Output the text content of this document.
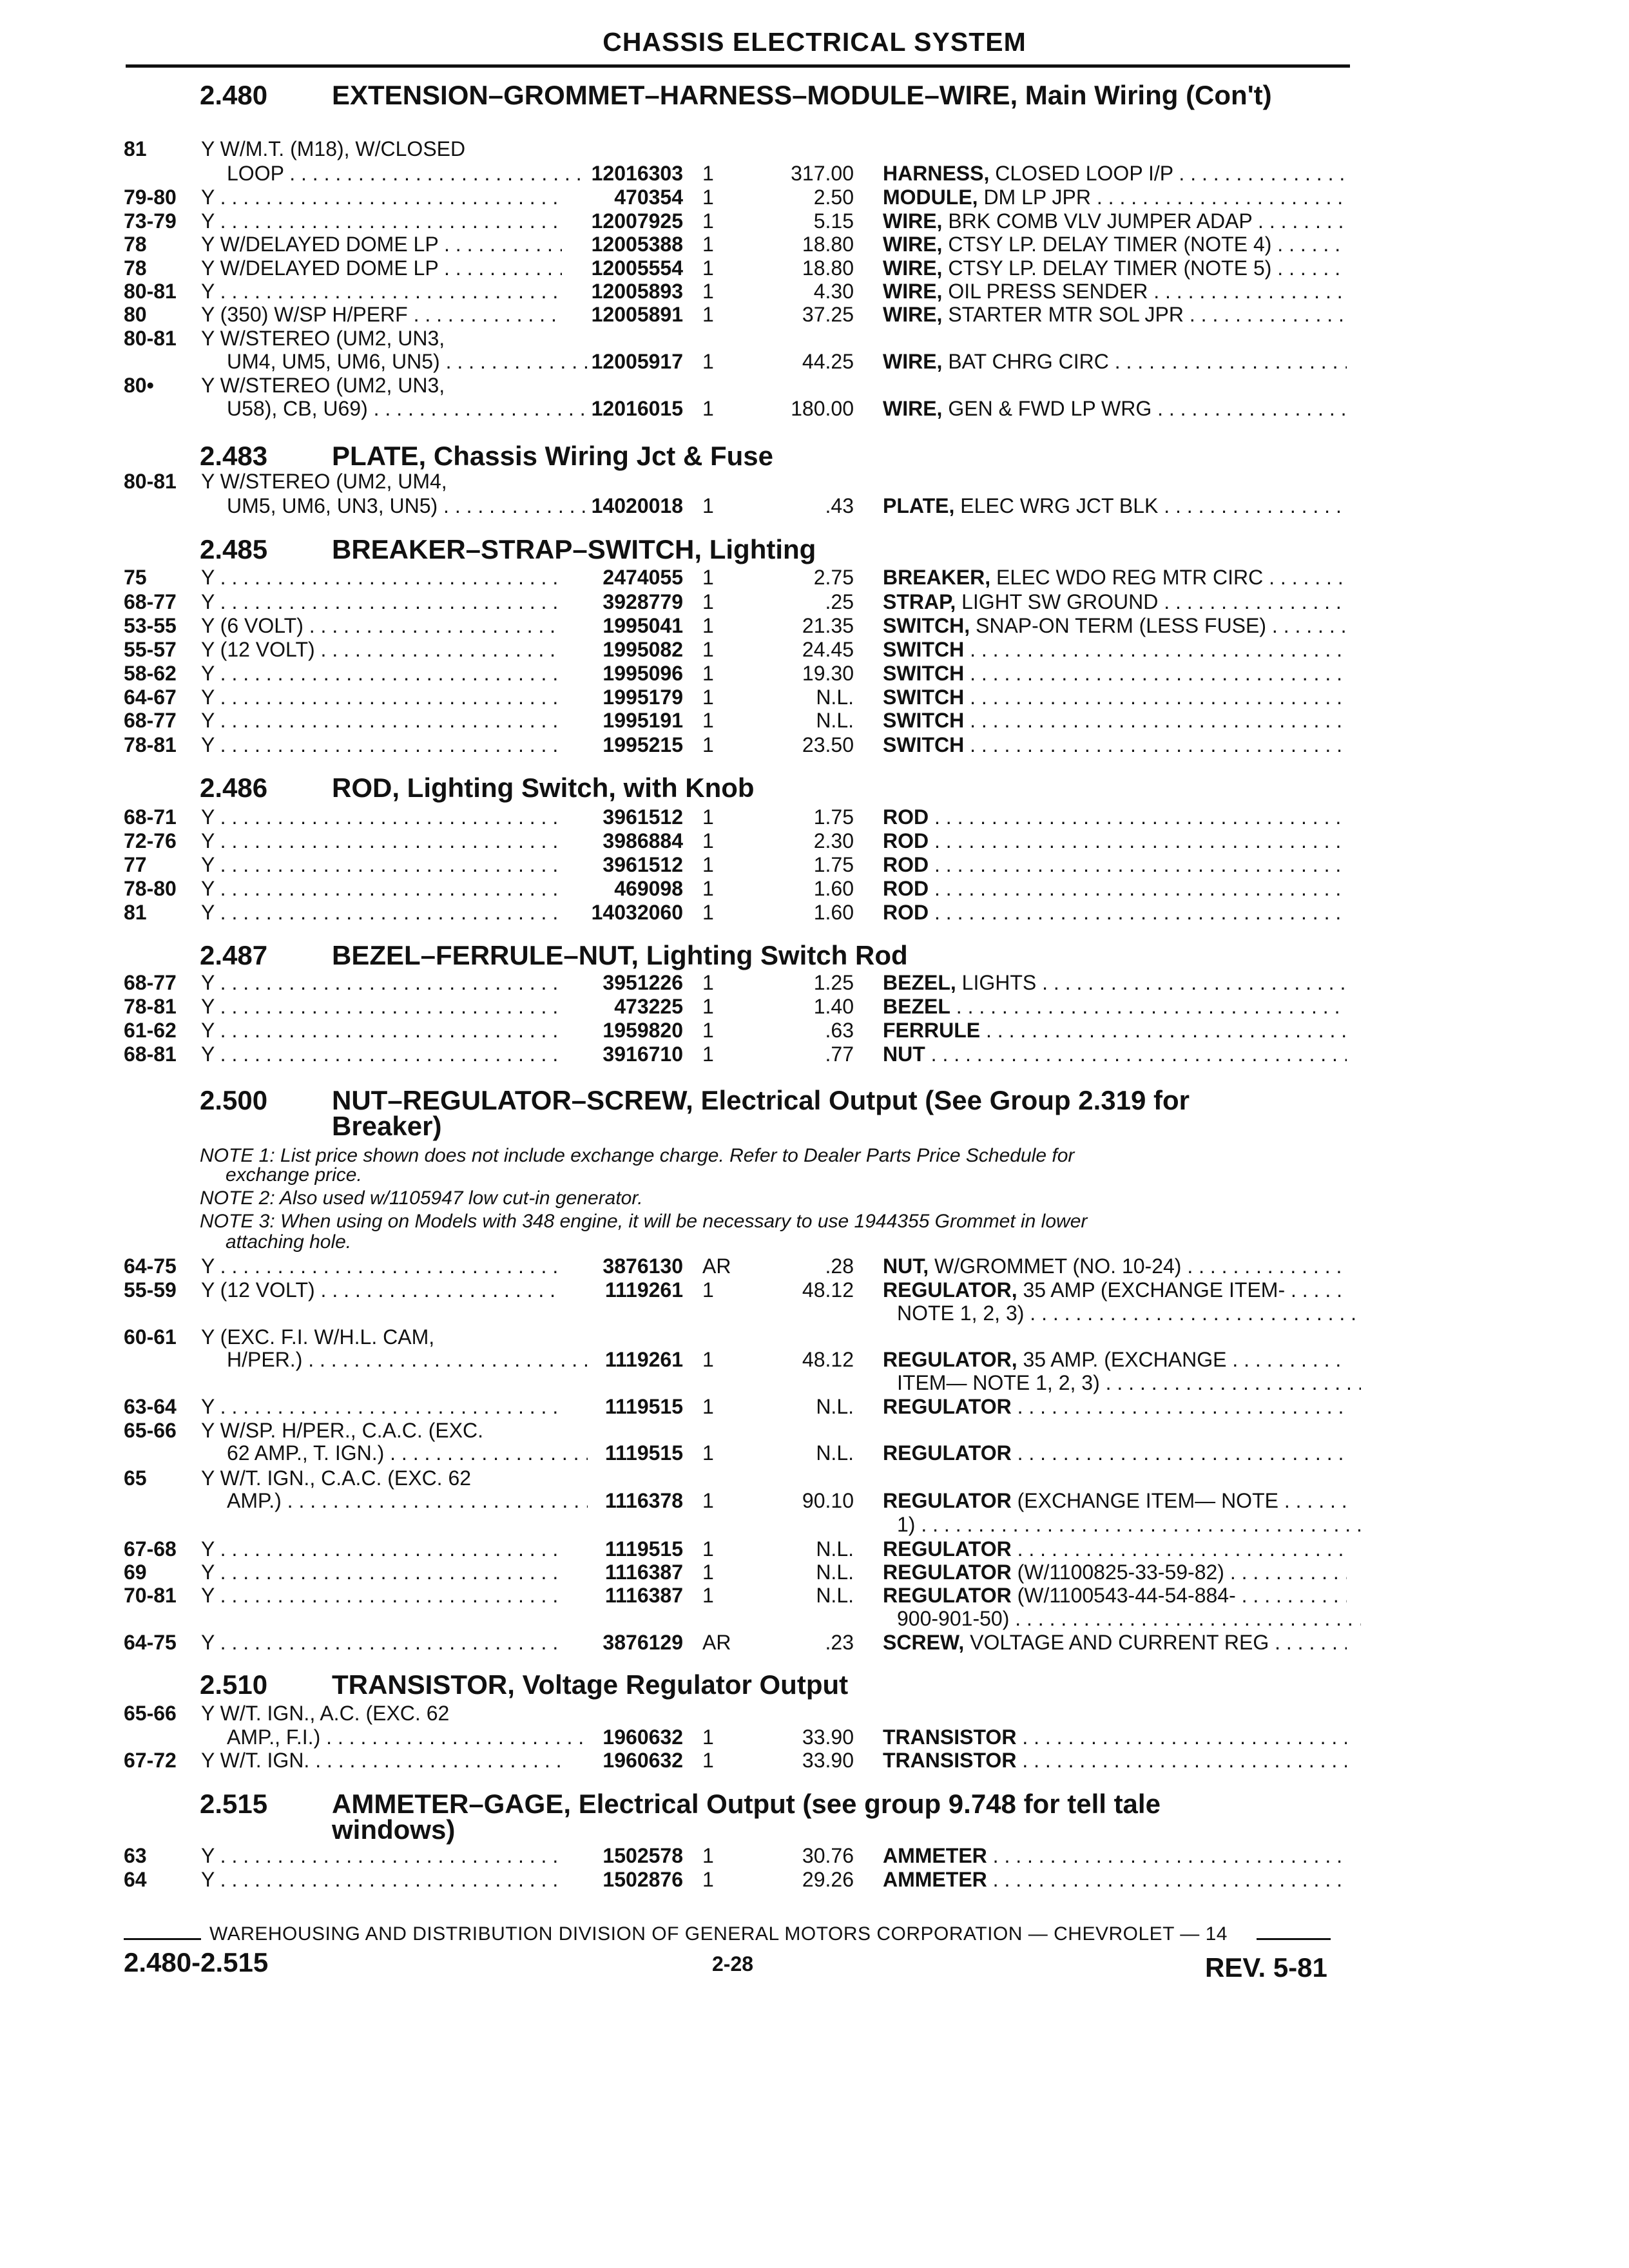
CHASSIS ELECTRICAL SYSTEM
2.480	EXTENSION–GROMMET–HARNESS–MODULE–WIRE, Main Wiring (Con't)
2.483	PLATE, Chassis Wiring Jct & Fuse
2.485	BREAKER–STRAP–SWITCH, Lighting
2.486	ROD, Lighting Switch, with Knob
2.487	BEZEL–FERRULE–NUT, Lighting Switch Rod
2.500	NUT–REGULATOR–SCREW, Electrical Output (See Group 2.319 for Breaker)
2.510	TRANSISTOR, Voltage Regulator Output
2.515	AMMETER–GAGE, Electrical Output (see group 9.748 for tell tale windows)
NOTE 1: List price shown does not include exchange charge. Refer to Dealer Parts Price Schedule for
exchange price.
NOTE 2: Also used w/1105947 low cut-in generator.
NOTE 3: When using on Models with 348 engine, it will be necessary to use 1944355 Grommet in lower
attaching hole.
81	Y W/M.T. (M18), W/CLOSED
LOOP . . .	12016303 1	317.00 HARNESS, CLOSED LOOP I/P . . .
79-80 Y . . .	470354 1	2.50 MODULE, DM LP JPR . . .
73-79 Y . . .	12007925 1	5.15 WIRE, BRK COMB VLV JUMPER ADAP . . .
78	Y W/DELAYED DOME LP . . .	12005388 1	18.80 WIRE, CTSY LP. DELAY TIMER (NOTE 4) . . .
78	Y W/DELAYED DOME LP . . .	12005554 1	18.80 WIRE, CTSY LP. DELAY TIMER (NOTE 5) . . .
80-81 Y . . .	12005893 1	4.30 WIRE, OIL PRESS SENDER . . .
80	Y (350) W/SP H/PERF . . .	12005891 1	37.25 WIRE, STARTER MTR SOL JPR . . .
80-81 Y W/STEREO (UM2, UN3,
UM4, UM5, UM6, UN5) . . .	12005917 1	44.25 WIRE, BAT CHRG CIRC . . .
80• Y W/STEREO (UM2, UN3,
U58), CB, U69) . . .	12016015 1	180.00 WIRE, GEN & FWD LP WRG . . .
80-81 Y W/STEREO (UM2, UM4,
UM5, UM6, UN3, UN5) . . .	14020018 1	.43 PLATE, ELEC WRG JCT BLK . . .
75	Y . . .	2474055 1	2.75 BREAKER, ELEC WDO REG MTR CIRC . . .
68-77 Y . . .	3928779 1	.25 STRAP, LIGHT SW GROUND . . .
53-55 Y (6 VOLT) . . .	1995041 1	21.35 SWITCH, SNAP-ON TERM (LESS FUSE) . . .
55-57 Y (12 VOLT) . . .	1995082 1	24.45 SWITCH . . .
58-62 Y . . .	1995096 1	19.30 SWITCH . . .
64-67 Y . . .	1995179 1	N.L. SWITCH . . .
68-77 Y . . .	1995191 1	N.L. SWITCH . . .
78-81 Y . . .	1995215 1	23.50 SWITCH . . .
68-71 Y . . .	3961512 1	1.75 ROD . . .
72-76 Y . . .	3986884 1	2.30 ROD . . .
77	Y . . .	3961512 1	1.75 ROD . . .
78-80 Y . . .	469098 1	1.60 ROD . . .
81	Y . . .	14032060 1	1.60 ROD . . .
68-77 Y . . .	3951226 1	1.25 BEZEL, LIGHTS . . .
78-81 Y . . .	473225 1	1.40 BEZEL . . .
61-62 Y . . .	1959820 1	.63 FERRULE . . .
68-81 Y . . .	3916710 1	.77 NUT . . .
64-75 Y . . .	3876130 AR	.28 NUT, W/GROMMET (NO. 10-24) . . .
55-59 Y (12 VOLT) . . .	1119261 1	48.12 REGULATOR, 35 AMP (EXCHANGE ITEM- . . .
NOTE 1, 2, 3) . . .
60-61 Y (EXC. F.I. W/H.L. CAM,
H/PER.) . . .	1119261 1	48.12 REGULATOR, 35 AMP. (EXCHANGE . . .
ITEM— NOTE 1, 2, 3) . . .
63-64 Y . . .	1119515 1	N.L. REGULATOR . . .
65-66 Y W/SP. H/PER., C.A.C. (EXC.
62 AMP., T. IGN.) . . .	1119515 1	N.L. REGULATOR . . .
65	Y W/T. IGN., C.A.C. (EXC. 62
AMP.) . . .	1116378 1	90.10 REGULATOR (EXCHANGE ITEM— NOTE . . .
1) . . .
67-68 Y . . .	1119515 1	N.L. REGULATOR . . .
69	Y . . .	1116387 1	N.L. REGULATOR (W/1100825-33-59-82) . . .
70-81 Y . . .	1116387 1	N.L. REGULATOR (W/1100543-44-54-884- . . .
900-901-50) . . .
64-75 Y . . .	3876129 AR	.23 SCREW, VOLTAGE AND CURRENT REG . . .
65-66 Y W/T. IGN., A.C. (EXC. 62
AMP., F.I.) . . .	1960632 1	33.90 TRANSISTOR . . .
67-72 Y W/T. IGN. . . .	1960632 1	33.90 TRANSISTOR . . .
63	Y . . .	1502578 1	30.76 AMMETER . . .
64	Y . . .	1502876 1	29.26 AMMETER . . .
WAREHOUSING AND DISTRIBUTION DIVISION OF GENERAL MOTORS CORPORATION — CHEVROLET — 14
2.480-2.515	2-28	REV. 5-81
